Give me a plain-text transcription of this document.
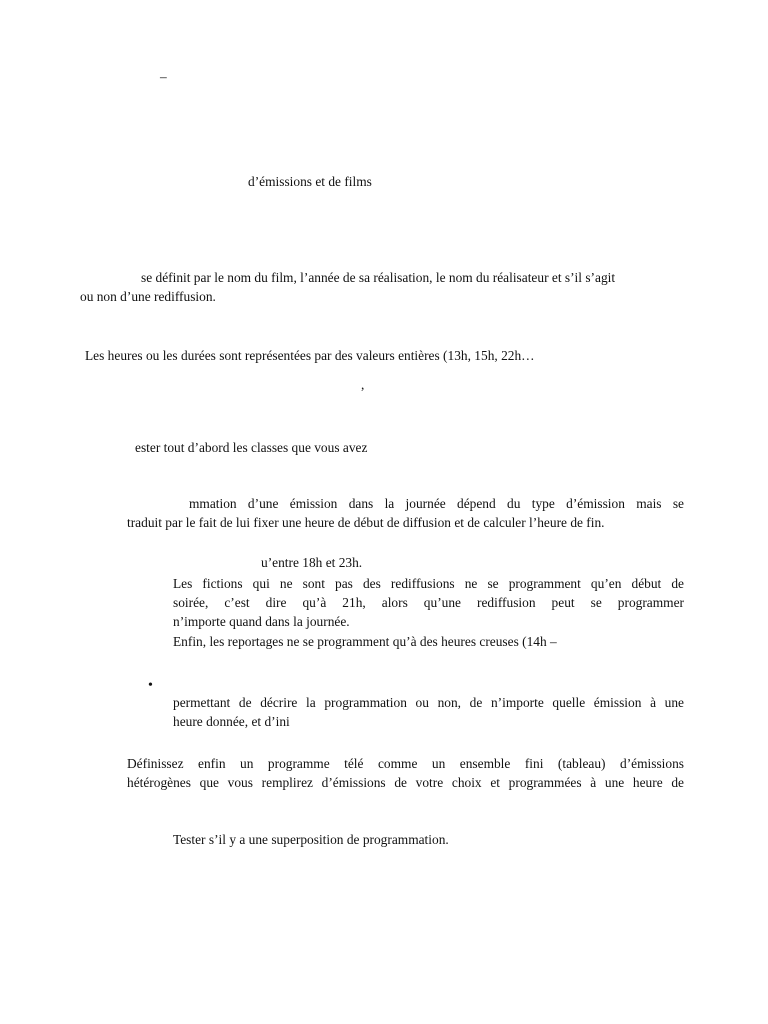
–
d’émissions et de films
se définit par le nom du film, l’année de sa réalisation, le nom du réalisateur et s’il s’agit
ou non d’une rediffusion.
Les heures ou les durées sont représentées par des valeurs entières (13h, 15h, 22h…
,
ester tout d’abord les classes que vous avez
mmation d’une émission dans la journée dépend du type d’émission mais se
traduit par le fait de lui fixer une heure de début de diffusion et de calculer l’heure de fin.
u’entre 18h et 23h.
Les fictions qui ne sont pas des rediffusions ne se programment qu’en début de
soirée, c’est dire qu’à 21h, alors qu’une rediffusion peut se programmer
n’importe quand dans la journée.
Enfin, les reportages ne se programment qu’à des heures creuses (14h –
•
permettant de décrire la programmation ou non, de n’importe quelle émission à une
heure donnée, et d’ini
Définissez enfin un programme télé comme un ensemble fini (tableau) d’émissions
hétérogènes que vous remplirez d’émissions de votre choix et programmées à une heure de
Tester s’il y a une superposition de programmation.
